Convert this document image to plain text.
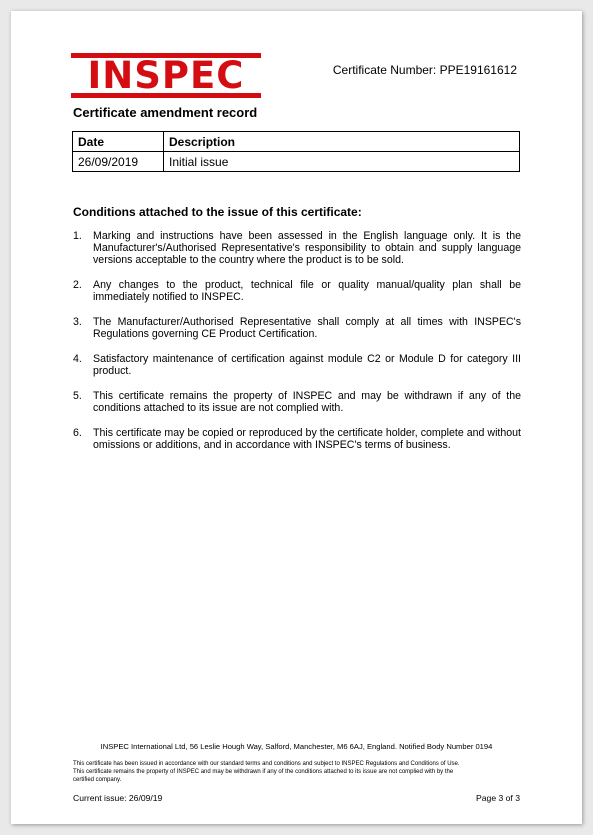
INSPEC	Certificate Number: PPE19161612
Certificate amendment record
Date	Description
26/09/2019	Initial issue

Conditions attached to the issue of this certificate:
1.	Marking and instructions have been assessed in the English language only. It is the Manufacturer's/Authorised Representative's responsibility to obtain and supply language versions acceptable to the country where the product is to be sold.
2.	Any changes to the product, technical file or quality manual/quality plan shall be immediately notified to INSPEC.
3.	The Manufacturer/Authorised Representative shall comply at all times with INSPEC's Regulations governing CE Product Certification.
4.	Satisfactory maintenance of certification against module C2 or Module D for category III product.
5.	This certificate remains the property of INSPEC and may be withdrawn if any of the conditions attached to its issue are not complied with.
6.	This certificate may be copied or reproduced by the certificate holder, complete and without omissions or additions, and in accordance with INSPEC's terms of business.
INSPEC International Ltd, 56 Leslie Hough Way, Salford, Manchester, M6 6AJ, England. Notified Body Number 0194
This certificate has been issued in accordance with our standard terms and conditions and subject to INSPEC Regulations and Conditions of Use.
This certificate remains the property of INSPEC and may be withdrawn if any of the conditions attached to its issue are not complied with by the
certified company.
Current issue: 26/09/19	Page 3 of 3
